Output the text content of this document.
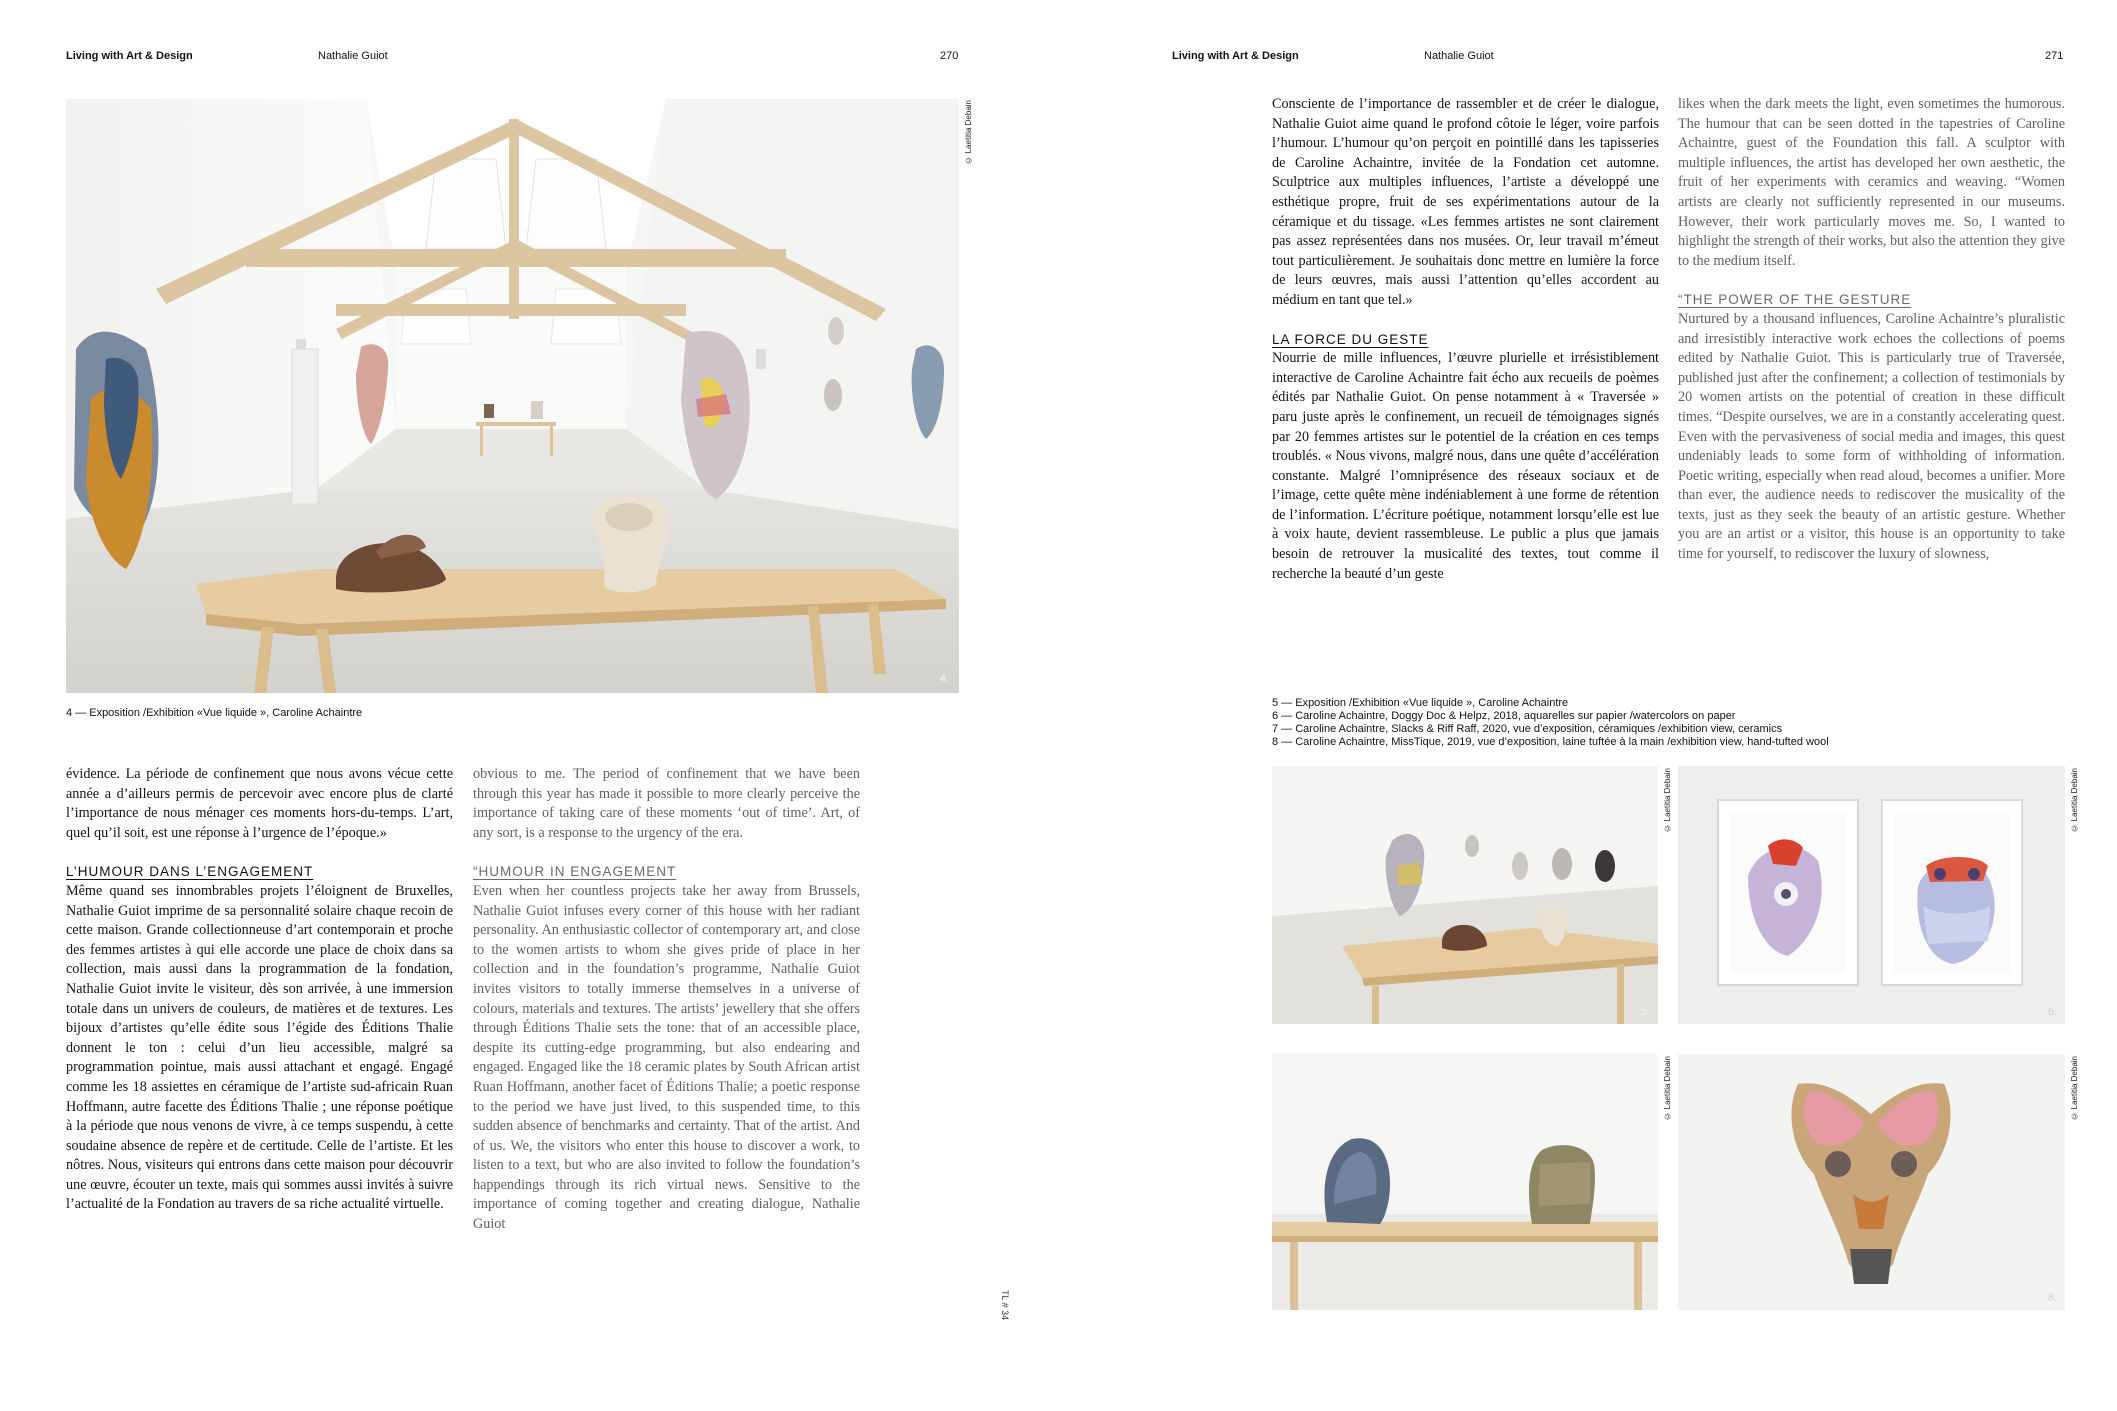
Living with Art & Design	Nathalie Guiot	270
4.
© Laetitia Debain
4 — Exposition /Exhibition «Vue liquide », Caroline Achaintre

évidence. La période de confinement que nous avons vécue cette année a d’ailleurs permis de percevoir avec encore plus de clarté l’importance de nous ménager ces moments hors-du-temps. L’art, quel qu’il soit, est une réponse à l’urgence de l’époque.»

L’HUMOUR DANS L’ENGAGEMENT

Même quand ses innombrables projets l’éloignent de Bruxelles, Nathalie Guiot imprime de sa personnalité solaire chaque recoin de cette maison. Grande collectionneuse d’art contemporain et proche des femmes artistes à qui elle accorde une place de choix dans sa collection, mais aussi dans la programmation de la fondation, Nathalie Guiot invite le visiteur, dès son arrivée, à une immersion totale dans un univers de couleurs, de matières et de textures. Les bijoux d’artistes qu’elle édite sous l’égide des Éditions Thalie donnent le ton : celui d’un lieu accessible, malgré sa programmation pointue, mais aussi attachant et engagé. Engagé comme les 18 assiettes en céramique de l’artiste sud-africain Ruan Hoffmann, autre facette des Éditions Thalie ; une réponse poétique à la période que nous venons de vivre, à ce temps suspendu, à cette soudaine absence de repère et de certitude. Celle de l’artiste. Et les nôtres. Nous, visiteurs qui entrons dans cette maison pour découvrir une œuvre, écouter un texte, mais qui sommes aussi invités à suivre l’actualité de la Fondation au travers de sa riche actualité virtuelle.

obvious to me. The period of confinement that we have been through this year has made it possible to more clearly perceive the importance of taking care of these moments ‘out of time’. Art, of any sort, is a response to the urgency of the era.

“HUMOUR IN ENGAGEMENT

Even when her countless projects take her away from Brussels, Nathalie Guiot infuses every corner of this house with her radiant personality. An enthusiastic collector of contemporary art, and close to the women artists to whom she gives pride of place in her collection and in the foundation’s programme, Nathalie Guiot invites visitors to totally immerse themselves in a universe of colours, materials and textures. The artists’ jewellery that she offers through Éditions Thalie sets the tone: that of an accessible place, despite its cutting-edge programming, but also endearing and engaged. Engaged like the 18 ceramic plates by South African artist Ruan Hoffmann, another facet of Éditions Thalie; a poetic response to the period we have just lived, to this suspended time, to this sudden absence of benchmarks and certainty. That of the artist. And of us. We, the visitors who enter this house to discover a work, to listen to a text, but who are also invited to follow the foundation’s happendings through its rich virtual news. Sensitive to the importance of coming together and creating dialogue, Nathalie Guiot

TL # 34
Living with Art & Design	Nathalie Guiot	271

Consciente de l’importance de rassembler et de créer le dialogue, Nathalie Guiot aime quand le profond côtoie le léger, voire parfois l’humour. L’humour qu’on perçoit en pointillé dans les tapisseries de Caroline Achaintre, invitée de la Fondation cet automne. Sculptrice aux multiples influences, l’artiste a développé une esthétique propre, fruit de ses expérimentations autour de la céramique et du tissage. «Les femmes artistes ne sont clairement pas assez représentées dans nos musées. Or, leur travail m’émeut tout particulièrement. Je souhaitais donc mettre en lumière la force de leurs œuvres, mais aussi l’attention qu’elles accordent au médium en tant que tel.»

LA FORCE DU GESTE

Nourrie de mille influences, l’œuvre plurielle et irrésistiblement interactive de Caroline Achaintre fait écho aux recueils de poèmes édités par Nathalie Guiot. On pense notamment à « Traversée » paru juste après le confinement, un recueil de témoignages signés par 20 femmes artistes sur le potentiel de la création en ces temps troublés. « Nous vivons, malgré nous, dans une quête d’accélération constante. Malgré l’omniprésence des réseaux sociaux et de l’image, cette quête mène indéniablement à une forme de rétention de l’information. L’écriture poétique, notamment lorsqu’elle est lue à voix haute, devient rassembleuse. Le public a plus que jamais besoin de retrouver la musicalité des textes, tout comme il recherche la beauté d’un geste

likes when the dark meets the light, even sometimes the humorous. The humour that can be seen dotted in the tapestries of Caroline Achaintre, guest of the Foundation this fall. A sculptor with multiple influences, the artist has developed her own aesthetic, the fruit of her experiments with ceramics and weaving. “Women artists are clearly not sufficiently represented in our museums. However, their work particularly moves me. So, I wanted to highlight the strength of their works, but also the attention they give to the medium itself.

“THE POWER OF THE GESTURE

Nurtured by a thousand influences, Caroline Achaintre’s pluralistic and irresistibly interactive work echoes the collections of poems edited by Nathalie Guiot. This is particularly true of Traversée, published just after the confinement; a collection of testimonials by 20 women artists on the potential of creation in these difficult times. “Despite ourselves, we are in a constantly accelerating quest. Even with the pervasiveness of social media and images, this quest undeniably leads to some form of withholding of information. Poetic writing, especially when read aloud, becomes a unifier. More than ever, the audience needs to rediscover the musicality of the texts, just as they seek the beauty of an artistic gesture. Whether you are an artist or a visitor, this house is an opportunity to take time for yourself, to rediscover the luxury of slowness,

5 — Exposition /Exhibition «Vue liquide », Caroline Achaintre
6 — Caroline Achaintre, Doggy Doc & Helpz, 2018, aquarelles sur papier /watercolors on paper
7 — Caroline Achaintre, Slacks & Riff Raff, 2020, vue d’exposition, céramiques /exhibition view, ceramics
8 — Caroline Achaintre, MissTique, 2019, vue d’exposition, laine tuftée à la main /exhibition view, hand-tufted wool
5.
© Laetitia Debain
6.
© Laetitia Debain
7.
© Laetitia Debain
8.
© Laetitia Debain
